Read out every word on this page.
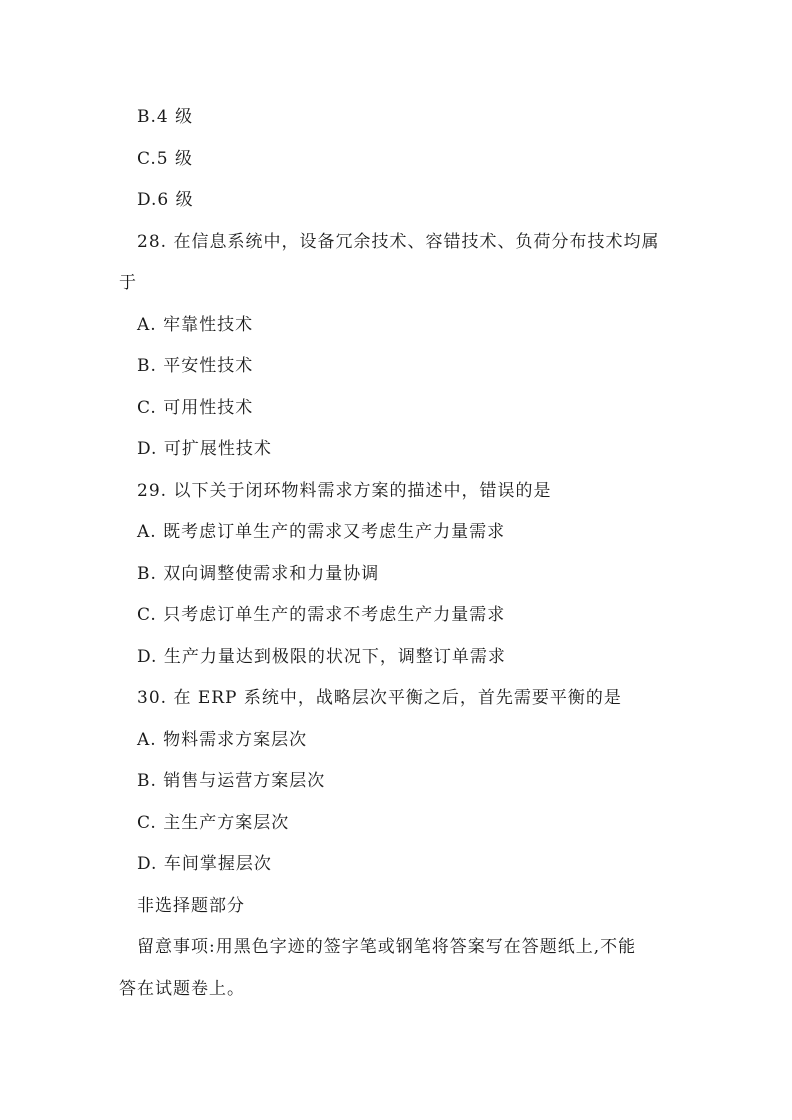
B.4 级
C.5 级
D.6 级
28. 在信息系统中，设备冗余技术、容错技术、负荷分布技术均属
于
A. 牢靠性技术
B. 平安性技术
C. 可用性技术
D. 可扩展性技术
29. 以下关于闭环物料需求方案的描述中，错误的是
A. 既考虑订单生产的需求又考虑生产力量需求
B. 双向调整使需求和力量协调
C. 只考虑订单生产的需求不考虑生产力量需求
D. 生产力量达到极限的状况下，调整订单需求
30. 在 ERP 系统中，战略层次平衡之后，首先需要平衡的是
A. 物料需求方案层次
B. 销售与运营方案层次
C. 主生产方案层次
D. 车间掌握层次
非选择题部分
留意事项:用黑色字迹的签字笔或钢笔将答案写在答题纸上,不能
答在试题卷上。
